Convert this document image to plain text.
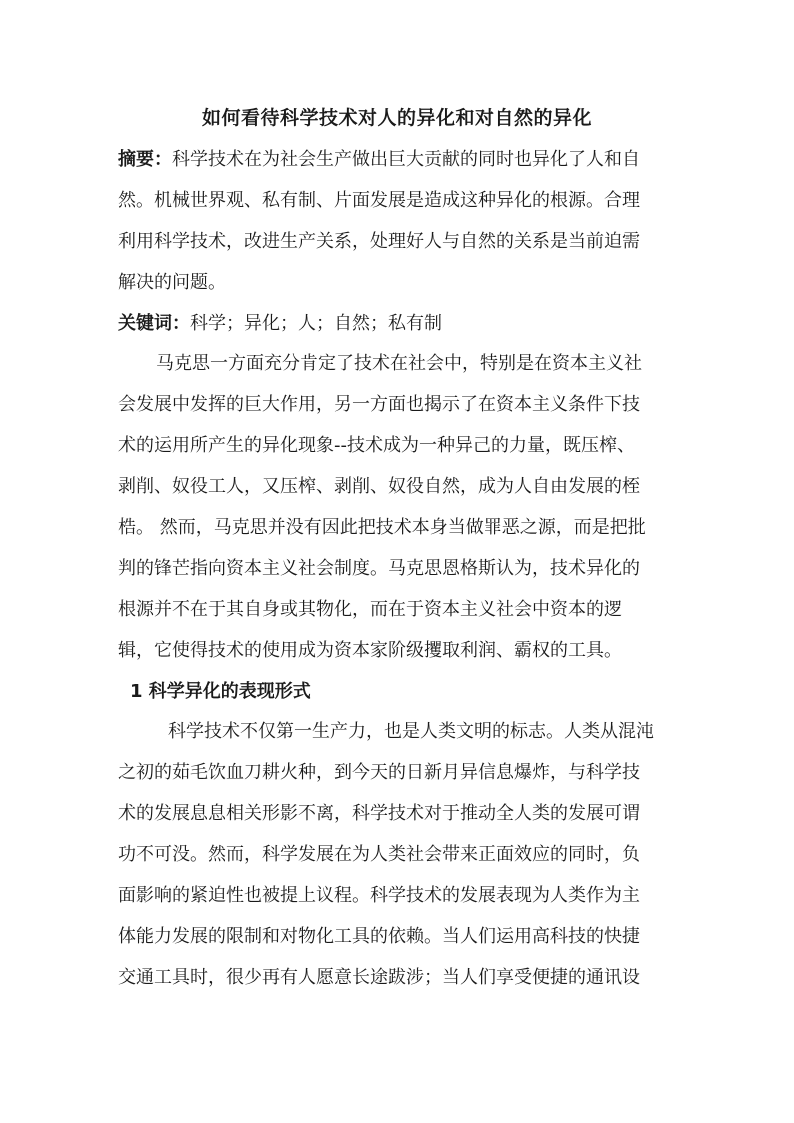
如何看待科学技术对人的异化和对自然的异化
摘要：科学技术在为社会生产做出巨大贡献的同时也异化了人和自
然。机械世界观、私有制、片面发展是造成这种异化的根源。合理
利用科学技术，改进生产关系，处理好人与自然的关系是当前迫需
解决的问题。
关键词：科学；异化；人；自然；私有制
马克思一方面充分肯定了技术在社会中，特别是在资本主义社
会发展中发挥的巨大作用，另一方面也揭示了在资本主义条件下技
术的运用所产生的异化现象--技术成为一种异己的力量，既压榨、
剥削、奴役工人，又压榨、剥削、奴役自然，成为人自由发展的桎
梏。 然而，马克思并没有因此把技术本身当做罪恶之源，而是把批
判的锋芒指向资本主义社会制度。马克思恩格斯认为，技术异化的
根源并不在于其自身或其物化，而在于资本主义社会中资本的逻
辑，它使得技术的使用成为资本家阶级攫取利润、霸权的工具。
1 科学异化的表现形式
科学技术不仅第一生产力，也是人类文明的标志。人类从混沌
之初的茹毛饮血刀耕火种，到今天的日新月异信息爆炸，与科学技
术的发展息息相关形影不离，科学技术对于推动全人类的发展可谓
功不可没。然而，科学发展在为人类社会带来正面效应的同时，负
面影响的紧迫性也被提上议程。科学技术的发展表现为人类作为主
体能力发展的限制和对物化工具的依赖。当人们运用高科技的快捷
交通工具时，很少再有人愿意长途跋涉；当人们享受便捷的通讯设
